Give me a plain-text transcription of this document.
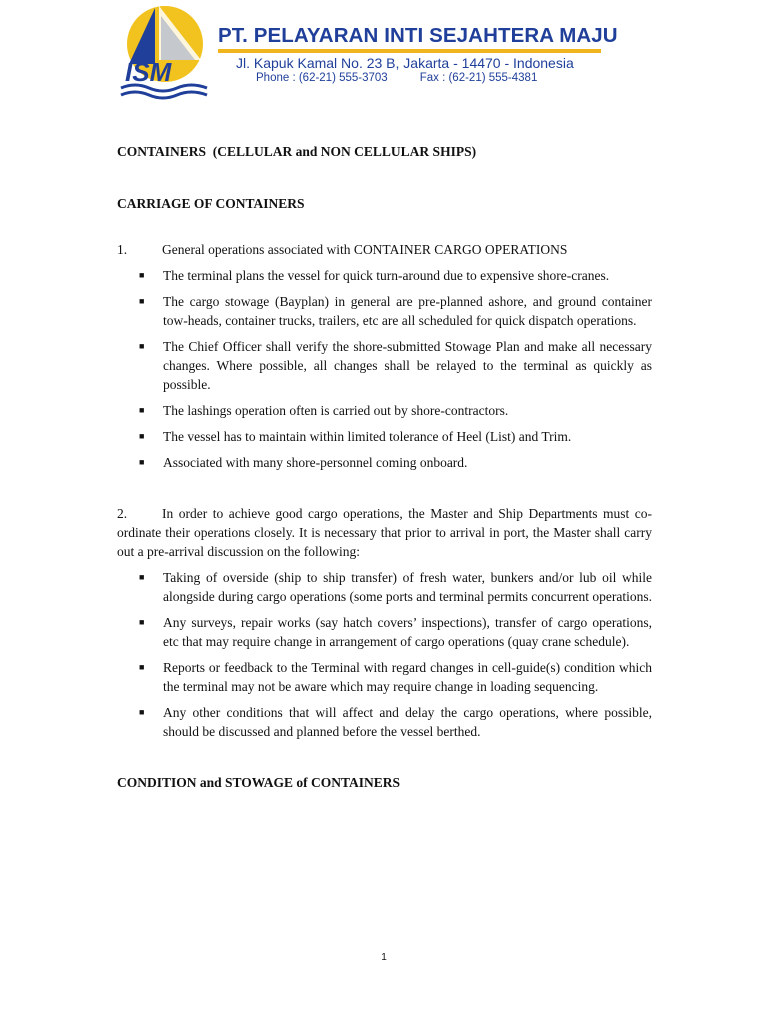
ISM
PT. PELAYARAN INTI SEJAHTERA MAJU
Jl. Kapuk Kamal No. 23 B, Jakarta - 14470 - Indonesia
Phone : (62-21) 555-3703	Fax : (62-21) 555-4381

CONTAINERS  (CELLULAR and NON CELLULAR SHIPS)

CARRIAGE OF CONTAINERS

1.	General operations associated with CONTAINER CARGO OPERATIONS
■ The terminal plans the vessel for quick turn-around due to expensive shore-cranes.
■ The cargo stowage (Bayplan) in general are pre-planned ashore, and ground container tow-heads, container trucks, trailers, etc are all scheduled for quick dispatch operations.
■ The Chief Officer shall verify the shore-submitted Stowage Plan and make all necessary changes. Where possible, all changes shall be relayed to the terminal as quickly as possible.
■ The lashings operation often is carried out by shore-contractors.
■ The vessel has to maintain within limited tolerance of Heel (List) and Trim.
■ Associated with many shore-personnel coming onboard.

2.	In order to achieve good cargo operations, the Master and Ship Departments must co-ordinate their operations closely. It is necessary that prior to arrival in port, the Master shall carry out a pre-arrival discussion on the following:

■ Taking of overside (ship to ship transfer) of fresh water, bunkers and/or lub oil while alongside during cargo operations (some ports and terminal permits concurrent operations.
■ Any surveys, repair works (say hatch covers’ inspections), transfer of cargo operations, etc that may require change in arrangement of cargo operations (quay crane schedule).
■ Reports or feedback to the Terminal with regard changes in cell-guide(s) condition which the terminal may not be aware which may require change in loading sequencing.
■ Any other conditions that will affect and delay the cargo operations, where possible, should be discussed and planned before the vessel berthed.

CONDITION and STOWAGE of CONTAINERS

1
